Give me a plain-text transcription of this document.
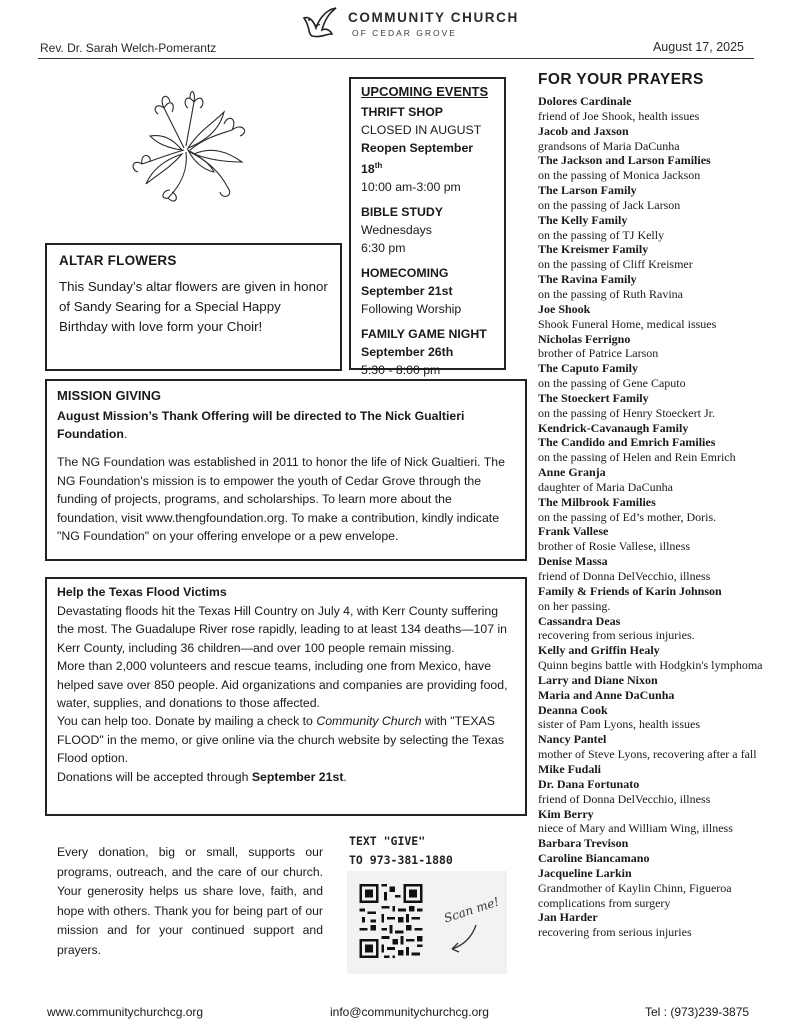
COMMUNITY CHURCH
OF CEDAR GROVE
Rev. Dr. Sarah Welch-Pomerantz	August 17, 2025
ALTAR FLOWERS

This Sunday’s altar flowers are given in honor of Sandy Searing for a Special Happy Birthday with love form your Choir!

UPCOMING EVENTS
THRIFT SHOP
CLOSED IN AUGUST
Reopen September 18th
10:00 am-3:00 pm
BIBLE STUDY
Wednesdays
6:30 pm
HOMECOMING
September 21st
Following Worship
FAMILY GAME NIGHT
September 26th
5:30 - 8:00 pm
MISSION GIVING
August Mission’s Thank Offering will be directed to The Nick Gualtieri Foundation.
The NG Foundation was established in 2011 to honor the life of Nick Gualtieri. The NG Foundation's mission is to empower the youth of Cedar Grove through the funding of projects, programs, and scholarships. To learn more about the foundation, visit www.thengfoundation.org. To make a contribution, kindly indicate "NG Foundation" on your offering envelope or a pew envelope.
Help the Texas Flood Victims

Devastating floods hit the Texas Hill Country on July 4, with Kerr County suffering the most. The Guadalupe River rose rapidly, leading to at least 134 deaths—107 in Kerr County, including 36 children—and over 100 people remain missing.

More than 2,000 volunteers and rescue teams, including one from Mexico, have helped save over 850 people. Aid organizations and companies are providing food, water, supplies, and donations to those affected.

You can help too. Donate by mailing a check to Community Church with "TEXAS FLOOD" in the memo, or give online via the church website by selecting the Texas Flood option.

Donations will be accepted through September 21st.

Every donation, big or small, supports our programs, outreach, and the care of our church. Your generosity helps us share love, faith, and hope with others. Thank you for being part of our mission and for your continued support and prayers.
TEXT "GIVE"
TO 973-381-1880
Scan me!
FOR YOUR PRAYERS
Dolores Cardinale
friend of Joe Shook, health issues
Jacob and Jaxson
grandsons of Maria DaCunha
The Jackson and Larson Families
on the passing of Monica Jackson
The Larson Family
on the passing of Jack Larson
The Kelly Family
on the passing of TJ Kelly
The Kreismer Family
on the passing of Cliff Kreismer
The Ravina Family
on the passing of Ruth Ravina
Joe Shook
Shook Funeral Home, medical issues
Nicholas Ferrigno
brother of Patrice Larson
The Caputo Family
on the passing of Gene Caputo
The Stoeckert Family
on the passing of Henry Stoeckert Jr.
Kendrick-Cavanaugh Family
The Candido and Emrich Families
on the passing of Helen and Rein Emrich
Anne Granja
daughter of Maria DaCunha
The Milbrook Families
on the passing of Ed’s mother, Doris.
Frank Vallese
brother of Rosie Vallese, illness
Denise Massa
friend of Donna DelVecchio, illness
Family & Friends of Karin Johnson
on her passing.
Cassandra Deas
recovering from serious injuries.
Kelly and Griffin Healy
Quinn begins battle with Hodgkin's lymphoma
Larry and Diane Nixon
Maria and Anne DaCunha
Deanna Cook
sister of Pam Lyons, health issues
Nancy Pantel
mother of Steve Lyons, recovering after a fall
Mike Fudali
Dr. Dana Fortunato
friend of Donna DelVecchio, illness
Kim Berry
niece of Mary and William Wing, illness
Barbara Trevison
Caroline Biancamano
Jacqueline Larkin
Grandmother of Kaylin Chinn, Figueroa complications from surgery
Jan Harder
recovering from serious injuries
www.communitychurchcg.org	info@communitychurchcg.org	Tel : (973)239-3875
